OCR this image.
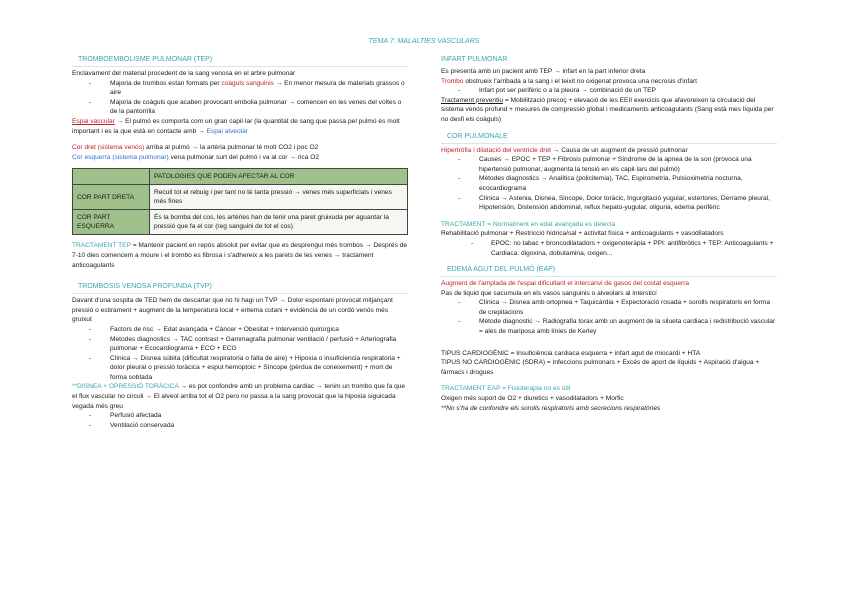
TEMA 7: MALALTIES VASCULARS
TROMBOEMBOLISME PULMONAR (TEP)

Enclavament del material procedent de la sang venosa en el arbre pulmonar

- Majoria de trombos estan formats per coàguls sanguinis → En menor mesura de materials grassos o aire
- Majoria de coàguls que acaben provocant embolia pulmonar → comencen en les venes del voltes o de la pantorrilla

Espai vascular → El pulmó es comporta com un gran capil·lar (la quantitat de sang que passa pel pulmó és molt important i es la que està en contacte amb → Espai alveolar

Cor dret (sistema venós) arriba al pulmó → la artèria pulmonar té molt CO2 i poc O2

Cor esquerra (sistema pulmonar) vena pulmonar surt del pulmó i va al cor → rica O2

	PATOLOGIES QUE PODEN AFECTAR AL COR
COR PART DRETA	Recull tot el rebuig i per tant no té tanta pressió → venes més superficials i venes més fines
COR PART ESQUERRA	És la bomba del cos, les artèries han de tenir una paret gruixuda per aguantar la pressió que fa el cor (reg sanguini de tot el cos)

TRACTAMENT TEP = Mantenir pacient en repòs absolut per evitar que es desprengui més trombos → Després de 7-10 dies comencem a moure i el trombo es fibrosa i s'adhereix a les parets de les venes → tractament anticoagulants

TROMBOSIS VENOSA PROFUNDA (TVP)

Davant d'una sospita de TED hem de descartar que no hi hagi un TVP → Dolor espontani provocat mitjançant pressió o estirament + augment de la temperatura local + eritema cutani + evidència de un cordó venós més gruixut

- Factors de risc → Edat avançada + Càncer + Obesitat + Intervenció quirúrgica
- Metodes diagnostics → TAC contrast + Gammagrafia pulmonar ventilació / perfusió + Arteriografia pulmonar + Ecocardiograma + ECO + ECG
- Clínica → Disnea súbita (dificultat respiratoria o falta de aire) + Hipoxia o insuficiencia respiratoria + dolor pleural o pressió toràcica + esput hemoptoic + Síncope (pèrdua de coneixement) + mort de forma sobtada

**DISNEA + OPRESSIÓ TORÀCICA → es pot confondre amb un problema cardiac → tenim un trombo que fa que el flux vascular no circuli → El alveol arriba tot el O2 pero no passa a la sang provocat que la hipoxia siguicada vegada més greu

- Perfusió afectada
- Ventilació conservada
INFART PULMONAR

Es presenta amb un pacient amb TEP → infart en la part inferior dreta

Trombo obstrueix l'arribada a la sang i el teixit no oxigenat provoca una necrosis d'infart

- Infart pot ser perifèric o a la pleura → combinació de un TEP

Tractament preventiu = Mobilització precoç + elevació de les EEII exercicis que afavoreixen la circulació del sistema venós profund + mesures de compressió global i medicaments anticoagulants (Sang està mes líquida per no desfi els coàguls)

COR PULMONALE

Hipertròfia i dilatació del ventricle dret → Causa de un augment de pressió pulmonar

- Causes → EPOC + TEP + Fibrosis pulmonar + Síndrome de la apnea de la son (provoca una hipertensió pulmonar, augmenta la tensió en els capil·lars del pulmó)
- Mètodes diagnostics → Analítica (policitemia), TAC, Espirometria, Pulsioximetria nocturna, ecocardiograma
- Clínica → Astenia, Disnea, Sincope, Dolor toràcic, Ingurgitació yugular, estertores, Derrame pleural, Hipotensión, Distensión abdominal, reflux hepato-yugular, oliguria, edema perifèric

TRACTAMENT = Normalment en edat avançada es detecta

Rehabilitació pulmonar + Restricció hídrica/sal + activitat física + anticoagulants + vasodilatadors

- EPOC: no tabac + broncodilatadors + oxigenoteràpia + PPI: antifibròtics + TEP: Anticoagulants + Cardiaca: digoxina, dobutamina, oxigen...
EDEMA AGUT DEL PULMÓ (EAP)

Augment de l'amplada de l'espai dificultant el intercanvi de gasos del costat esquerra

Pas de liquid que sacumula en els vasos sanguinis o alveolars al intersticí

- Clínica → Disnea amb ortopnea + Taquicàrdia + Expectoració rosada + sorolls respiratoris en forma de crepitacions
- Mètode diagnostic → Radiografia torax amb un augment de la silueta cardiaca i redistribució vascular = ales de mariposa amb línies de Kerley

TIPUS CARDIOGÈNIC = Insuficiència cardiaca esquerra + infart agut de miocardi + HTA

TIPUS NO CARDIOGÈNIC (SDRA) = Infeccions pulmonars + Excés de aport de líquids + Aspiració d'aigua + fàrmacs i drogues

TRACTAMENT EAP = Fisioterapia no es útil

Oxigen més suport de O2 + diuretics + vasodilatadors + Morfic

**No s'ha de confondre els sorolls respiratoris amb secrecions respiratòries
